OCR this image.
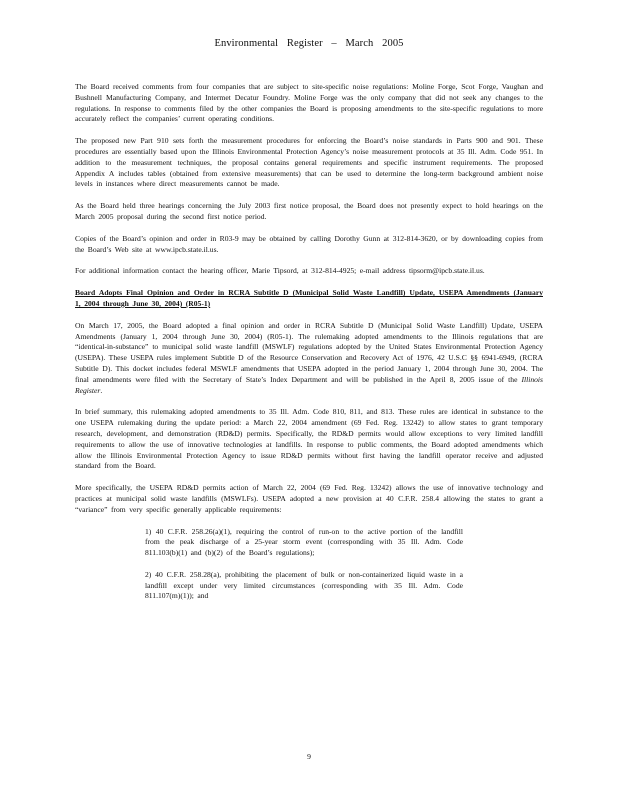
Environmental Register – March 2005

The Board received comments from four companies that are subject to site-specific noise regulations: Moline Forge, Scot Forge, Vaughan and Bushnell Manufacturing Company, and Intermet Decatur Foundry. Moline Forge was the only company that did not seek any changes to the regulations. In response to comments filed by the other companies the Board is proposing amendments to the site-specific regulations to more accurately reflect the companies’ current operating conditions.

The proposed new Part 910 sets forth the measurement procedures for enforcing the Board’s noise standards in Parts 900 and 901. These procedures are essentially based upon the Illinois Environmental Protection Agency’s noise measurement protocols at 35 Ill. Adm. Code 951. In addition to the measurement techniques, the proposal contains general requirements and specific instrument requirements. The proposed Appendix A includes tables (obtained from extensive measurements) that can be used to determine the long-term background ambient noise levels in instances where direct measurements cannot be made.

As the Board held three hearings concerning the July 2003 first notice proposal, the Board does not presently expect to hold hearings on the March 2005 proposal during the second first notice period.

Copies of the Board’s opinion and order in R03-9 may be obtained by calling Dorothy Gunn at 312-814-3620, or by downloading copies from the Board’s Web site at www.ipcb.state.il.us.

For additional information contact the hearing officer, Marie Tipsord, at 312-814-4925; e-mail address tipsorm@ipcb.state.il.us.

Board Adopts Final Opinion and Order in RCRA Subtitle D (Municipal Solid Waste Landfill) Update, USEPA Amendments (January 1, 2004 through June 30, 2004) (R05-1)

On March 17, 2005, the Board adopted a final opinion and order in RCRA Subtitle D (Municipal Solid Waste Landfill) Update, USEPA Amendments (January 1, 2004 through June 30, 2004) (R05-1). The rulemaking adopted amendments to the Illinois regulations that are “identical-in-substance” to municipal solid waste landfill (MSWLF) regulations adopted by the United States Environmental Protection Agency (USEPA). These USEPA rules implement Subtitle D of the Resource Conservation and Recovery Act of 1976, 42 U.S.C §§ 6941-6949, (RCRA Subtitle D). This docket includes federal MSWLF amendments that USEPA adopted in the period January 1, 2004 through June 30, 2004. The final amendments were filed with the Secretary of State’s Index Department and will be published in the April 8, 2005 issue of the Illinois Register.

In brief summary, this rulemaking adopted amendments to 35 Ill. Adm. Code 810, 811, and 813. These rules are identical in substance to the one USEPA rulemaking during the update period: a March 22, 2004 amendment (69 Fed. Reg. 13242) to allow states to grant temporary research, development, and demonstration (RD&D) permits. Specifically, the RD&D permits would allow exceptions to very limited landfill requirements to allow the use of innovative technologies at landfills. In response to public comments, the Board adopted amendments which allow the Illinois Environmental Protection Agency to issue RD&D permits without first having the landfill operator receive and adjusted standard from the Board.

More specifically, the USEPA RD&D permits action of March 22, 2004 (69 Fed. Reg. 13242) allows the use of innovative technology and practices at municipal solid waste landfills (MSWLFs). USEPA adopted a new provision at 40 C.F.R. 258.4 allowing the states to grant a “variance” from very specific generally applicable requirements:

1) 40 C.F.R. 258.26(a)(1), requiring the control of run-on to the active portion of the landfill from the peak discharge of a 25-year storm event (corresponding with 35 Ill. Adm. Code 811.103(b)(1) and (b)(2) of the Board’s regulations);

2) 40 C.F.R. 258.28(a), prohibiting the placement of bulk or non-containerized liquid waste in a landfill except under very limited circumstances (corresponding with 35 Ill. Adm. Code 811.107(m)(1)); and

9
